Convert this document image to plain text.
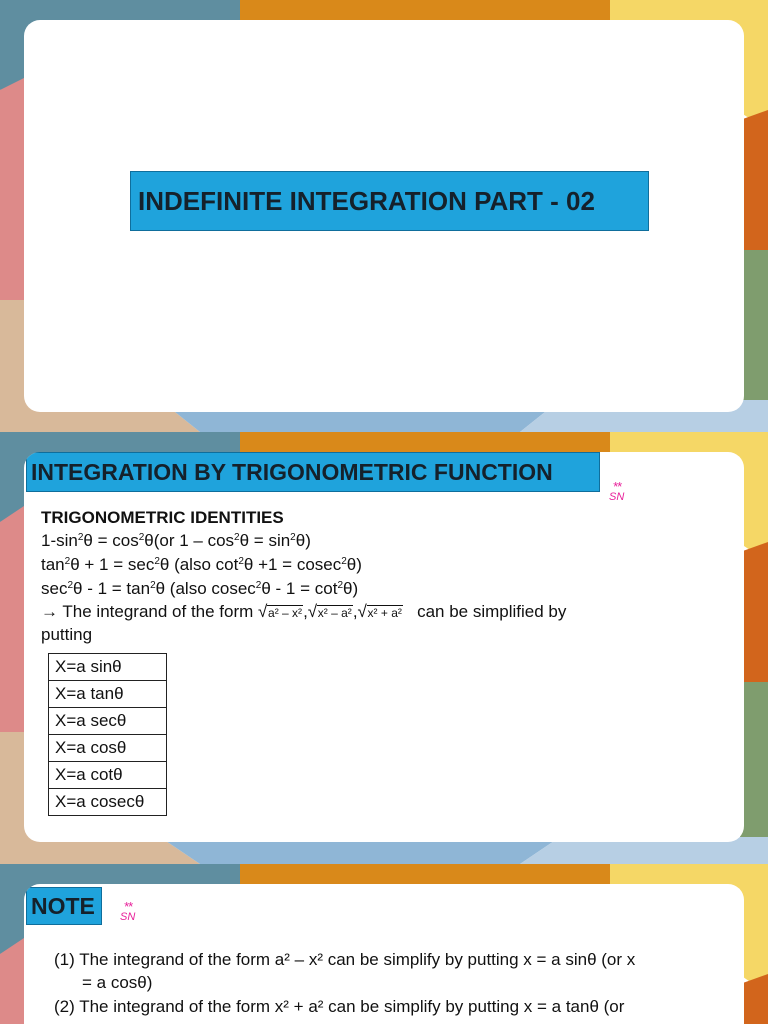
INDEFINITE INTEGRATION PART - 02
INTEGRATION BY TRIGONOMETRIC FUNCTION
**
SN
TRIGONOMETRIC IDENTITIES
$1-\sin^2\theta = \cos^2\theta(or$ $1 - \cos^2\theta = \sin^2\theta$)
$\tan^2\theta + 1 = \sec^2\theta$ (also $\cot^2\theta +1 = cosec^2\theta$)
$\sec^2\theta - 1 = \tan^2\theta$ (also $cosec^2\theta - 1 = \cot^2\theta$)
→ The integrand of the form √ a² – x², √ x² – a², √ x² + a² can be simplified by
putting
X=a sinθ
X=a tanθ
X=a secθ
X=a cosθ
X=a cotθ
X=a cosecθ
NOTE **
SN
(1) The integrand of the form a² – x² can be simplify by putting x = a sinθ (or x
= a cosθ)
(2) The integrand of the form x² + a² can be simplify by putting x = a tanθ (or
